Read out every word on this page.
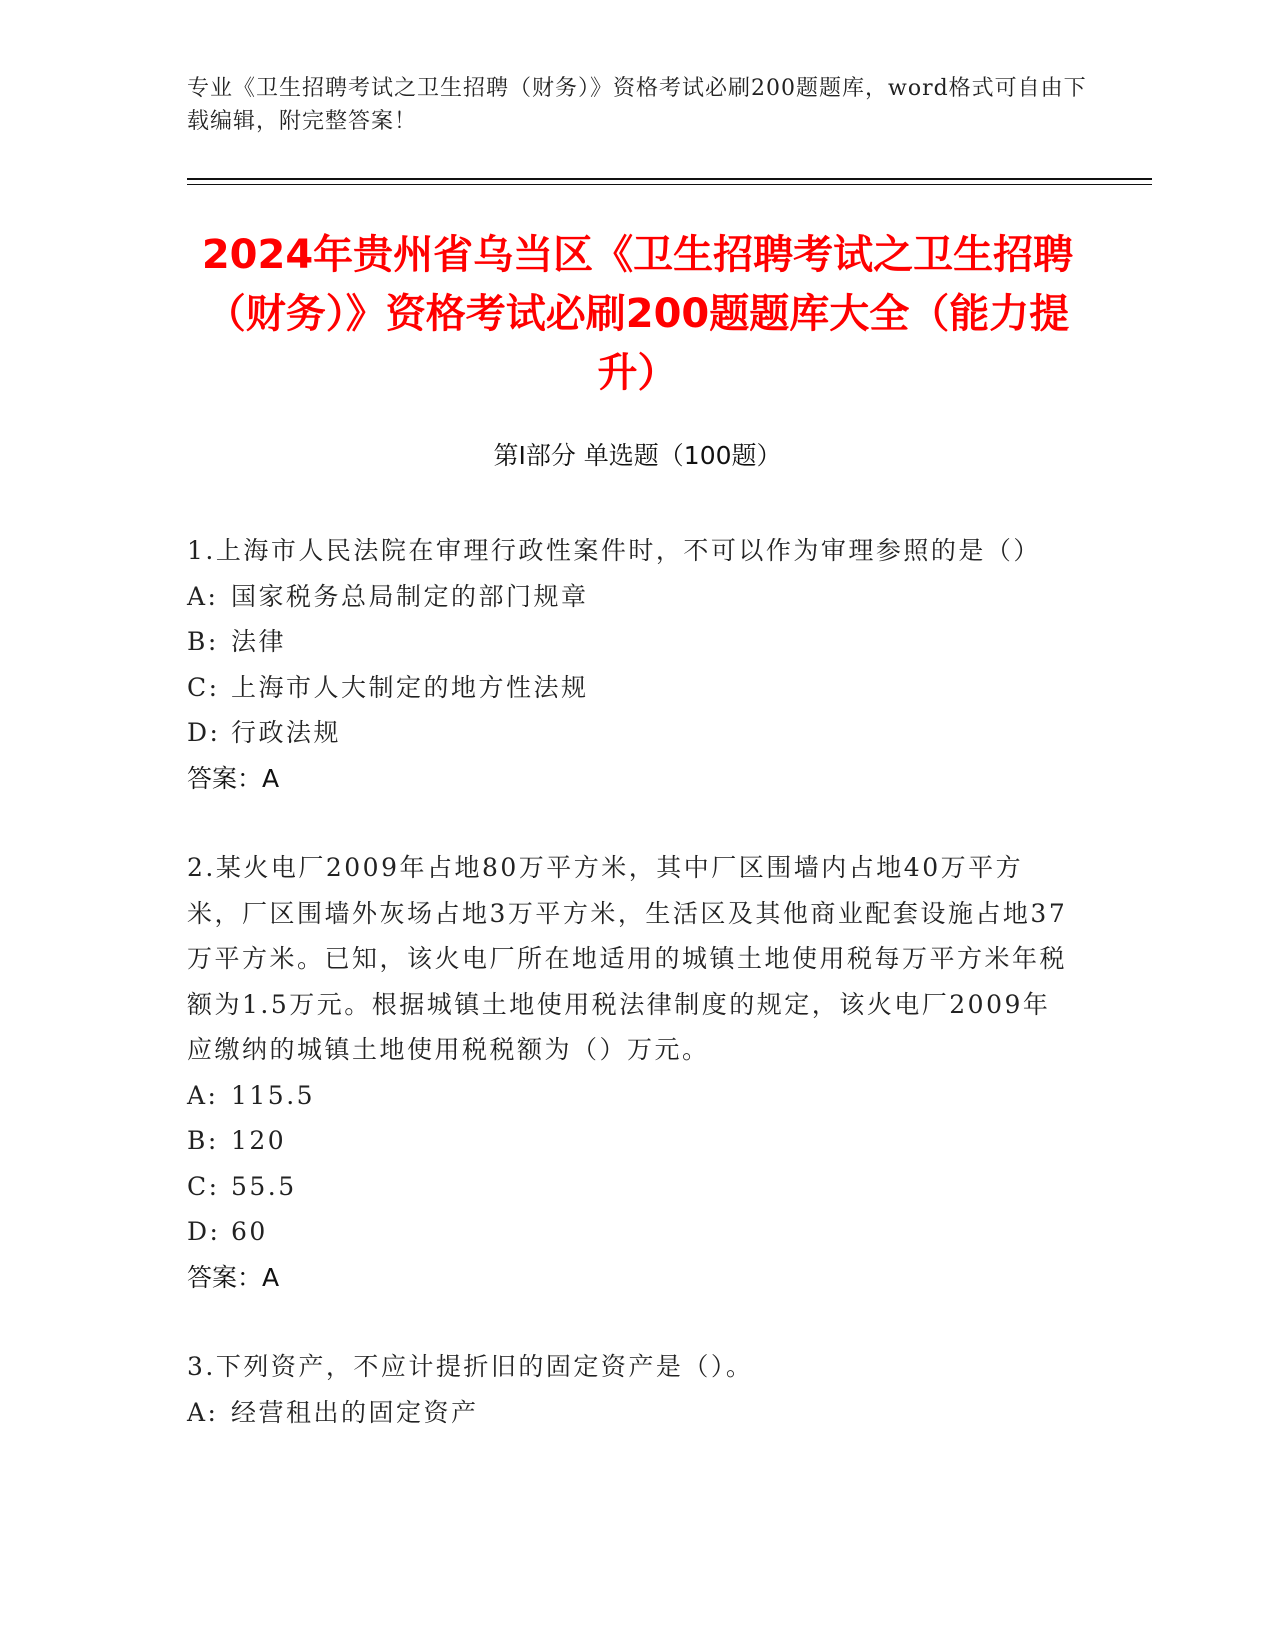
专业《卫生招聘考试之卫生招聘（财务）》资格考试必刷200题题库，word格式可自由下载编辑，附完整答案！
2024年贵州省乌当区《卫生招聘考试之卫生招聘（财务）》资格考试必刷200题题库大全（能力提升）
第I部分 单选题（100题）
1.上海市人民法院在审理行政性案件时，不可以作为审理参照的是（）
A: 国家税务总局制定的部门规章
B: 法律
C: 上海市人大制定的地方性法规
D: 行政法规
答案：A
2.某火电厂2009年占地80万平方米，其中厂区围墙内占地40万平方米，厂区围墙外灰场占地3万平方米，生活区及其他商业配套设施占地37万平方米。已知，该火电厂所在地适用的城镇土地使用税每万平方米年税额为1.5万元。根据城镇土地使用税法律制度的规定，该火电厂2009年应缴纳的城镇土地使用税税额为（）万元。
A: 115.5
B: 120
C: 55.5
D: 60
答案：A
3.下列资产，不应计提折旧的固定资产是（）。
A: 经营租出的固定资产
